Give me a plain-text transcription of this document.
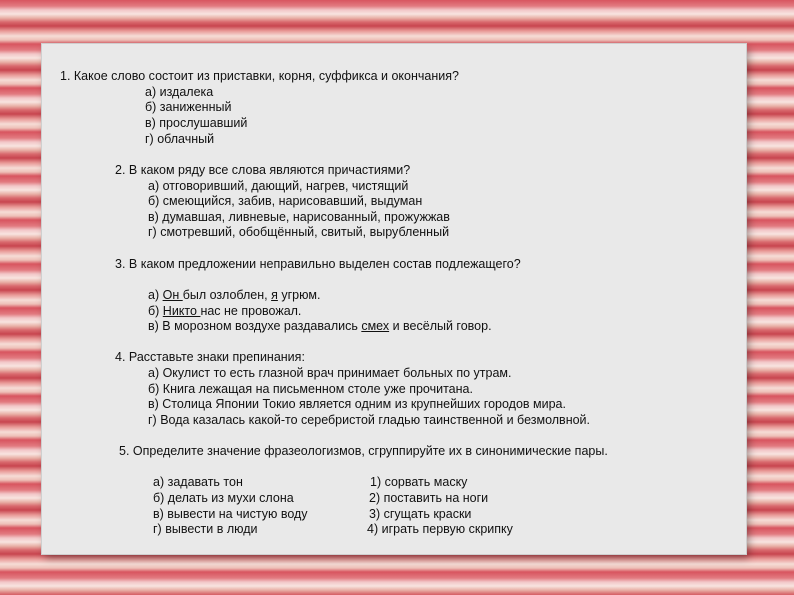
1. Какое слово состоит из приставки, корня, суффикса и окончания?
а) издалека
б) заниженный
в) прослушавший
г) облачный
2. В каком ряду все слова являются причастиями?
а) отговоривший, дающий, нагрев, чистящий
б) смеющийся, забив, нарисовавший, выдуман
в) думавшая, ливневые, нарисованный, прожужжав
г) смотревший, обобщённый, свитый, вырубленный
3. В каком предложении неправильно выделен состав подлежащего?
а) Он был озлоблен, я угрюм.
б) Никто нас не провожал.
в) В морозном воздухе раздавались смех и весёлый говор.
4. Расставьте знаки препинания:
а) Окулист то есть глазной врач принимает больных по утрам.
б) Книга лежащая на письменном столе уже прочитана.
в) Столица Японии Токио является одним из крупнейших городов мира.
г) Вода казалась какой-то серебристой гладью таинственной и безмолвной.
5. Определите значение фразеологизмов, сгруппируйте их в синонимические пары.
а) задавать тон
б) делать из мухи слона
в) вывести на чистую воду
г) вывести в люди
1) сорвать маску
2) поставить на ноги
3) сгущать краски
4) играть первую скрипку
